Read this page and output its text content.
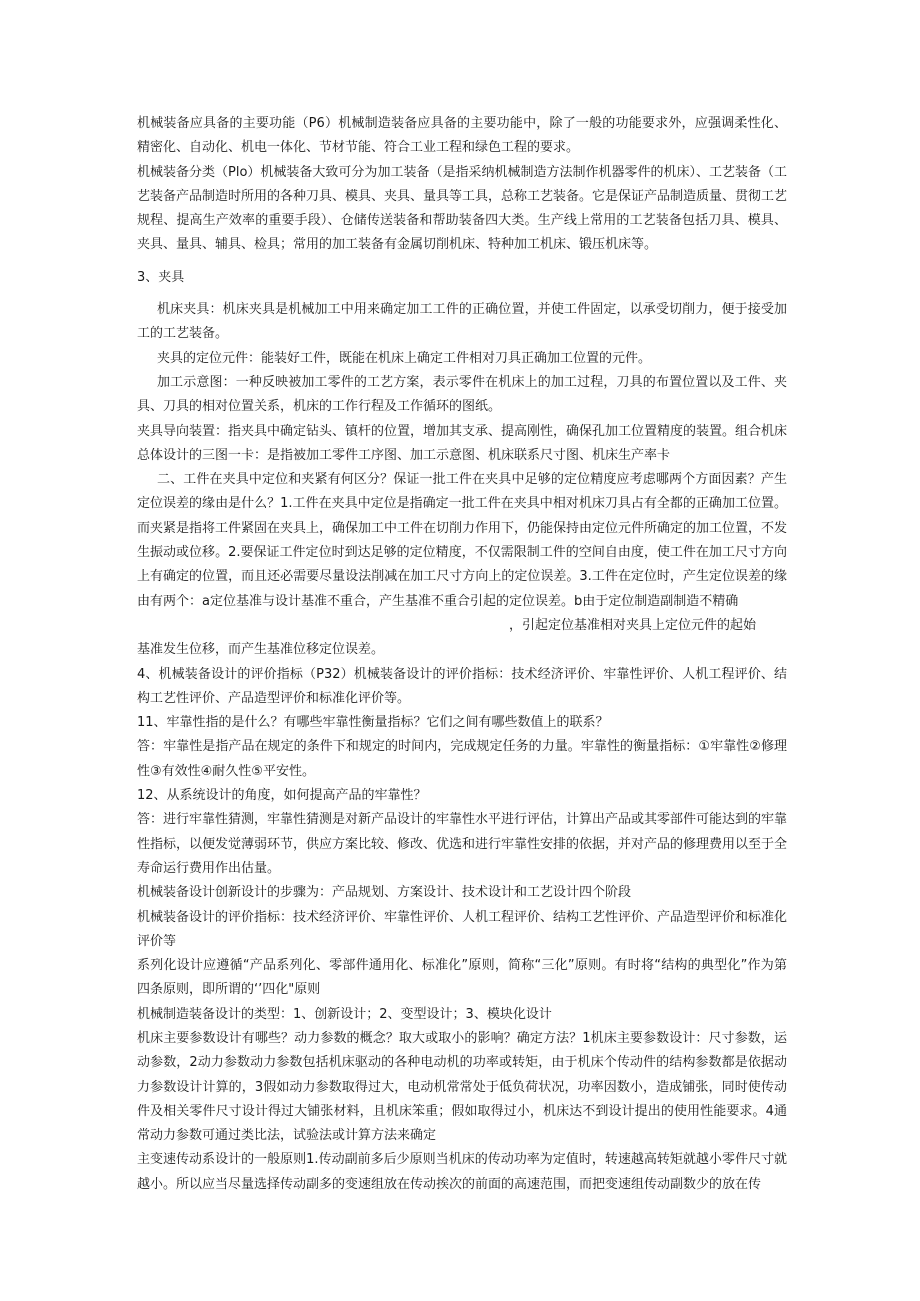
机械装备应具备的主要功能（P6）机械制造装备应具备的主要功能中，除了一般的功能要求外，应强调柔性化、精密化、自动化、机电一体化、节材节能、符合工业工程和绿色工程的要求。

机械装备分类（Plo）机械装备大致可分为加工装备（是指采纳机械制造方法制作机器零件的机床）、工艺装备（工艺装备产品制造时所用的各种刀具、模具、夹具、量具等工具，总称工艺装备。它是保证产品制造质量、贯彻工艺规程、提高生产效率的重要手段）、仓储传送装备和帮助装备四大类。生产线上常用的工艺装备包括刀具、模具、夹具、量具、辅具、检具；常用的加工装备有金属切削机床、特种加工机床、锻压机床等。

3、夹具

机床夹具：机床夹具是机械加工中用来确定加工工件的正确位置，并使工件固定，以承受切削力，便于接受加工的工艺装备。

夹具的定位元件：能装好工件，既能在机床上确定工件相对刀具正确加工位置的元件。

加工示意图：一种反映被加工零件的工艺方案，表示零件在机床上的加工过程，刀具的布置位置以及工件、夹具、刀具的相对位置关系，机床的工作行程及工作循环的图纸。

夹具导向装置：指夹具中确定钻头、镇杆的位置，增加其支承、提高刚性，确保孔加工位置精度的装置。组合机床总体设计的三图一卡：是指被加工零件工序图、加工示意图、机床联系尺寸图、机床生产率卡

二、工件在夹具中定位和夹紧有何区分？保证一批工件在夹具中足够的定位精度应考虑哪两个方面因素？产生定位误差的缘由是什么？1.工件在夹具中定位是指确定一批工件在夹具中相对机床刀具占有全都的正确加工位置。而夹紧是指将工件紧固在夹具上，确保加工中工件在切削力作用下，仍能保持由定位元件所确定的加工位置，不发生振动或位移。2.要保证工件定位时到达足够的定位精度，不仅需限制工件的空间自由度，使工件在加工尺寸方向上有确定的位置，而且还必需要尽量设法削减在加工尺寸方向上的定位误差。3.工件在定位时，产生定位误差的缘由有两个：a定位基准与设计基准不重合，产生基准不重合引起的定位误差。b由于定位制造副制造不精确

，引起定位基准相对夹具上定位元件的起始

基准发生位移，而产生基准位移定位误差。

4、机械装备设计的评价指标（P32）机械装备设计的评价指标：技术经济评价、牢靠性评价、人机工程评价、结构工艺性评价、产品造型评价和标准化评价等。

11、牢靠性指的是什么？有哪些牢靠性衡量指标？它们之间有哪些数值上的联系？

答：牢靠性是指产品在规定的条件下和规定的时间内，完成规定任务的力量。牢靠性的衡量指标：①牢靠性②修理性③有效性④耐久性⑤平安性。

12、从系统设计的角度，如何提高产品的牢靠性？

答：进行牢靠性猜测，牢靠性猜测是对新产品设计的牢靠性水平进行评估，计算出产品或其零部件可能达到的牢靠性指标，以便发觉薄弱环节，供应方案比较、修改、优选和进行牢靠性安排的依据，并对产品的修理费用以至于全寿命运行费用作出估量。

机械装备设计创新设计的步骤为：产品规划、方案设计、技术设计和工艺设计四个阶段

机械装备设计的评价指标：技术经济评价、牢靠性评价、人机工程评价、结构工艺性评价、产品造型评价和标准化评价等

系列化设计应遵循“产品系列化、零部件通用化、标准化”原则，简称“三化”原则。有时将“结构的典型化”作为第四条原则，即所谓的‘’四化"原则

机械制造装备设计的类型：1、创新设计；2、变型设计；3、模块化设计

机床主要参数设计有哪些？动力参数的概念？取大或取小的影响？确定方法？1机床主要参数设计：尺寸参数，运动参数，2动力参数动力参数包括机床驱动的各种电动机的功率或转矩，由于机床个传动件的结构参数都是依据动力参数设计计算的，3假如动力参数取得过大，电动机常常处于低负荷状况，功率因数小，造成铺张，同时使传动件及相关零件尺寸设计得过大铺张材料，且机床笨重；假如取得过小，机床达不到设计提出的使用性能要求。4通常动力参数可通过类比法，试验法或计算方法来确定

主变速传动系设计的一般原则1.传动副前多后少原则当机床的传动功率为定值时，转速越高转矩就越小零件尺寸就越小。所以应当尽量选择传动副多的变速组放在传动挨次的前面的高速范围，而把变速组传动副数少的放在传
